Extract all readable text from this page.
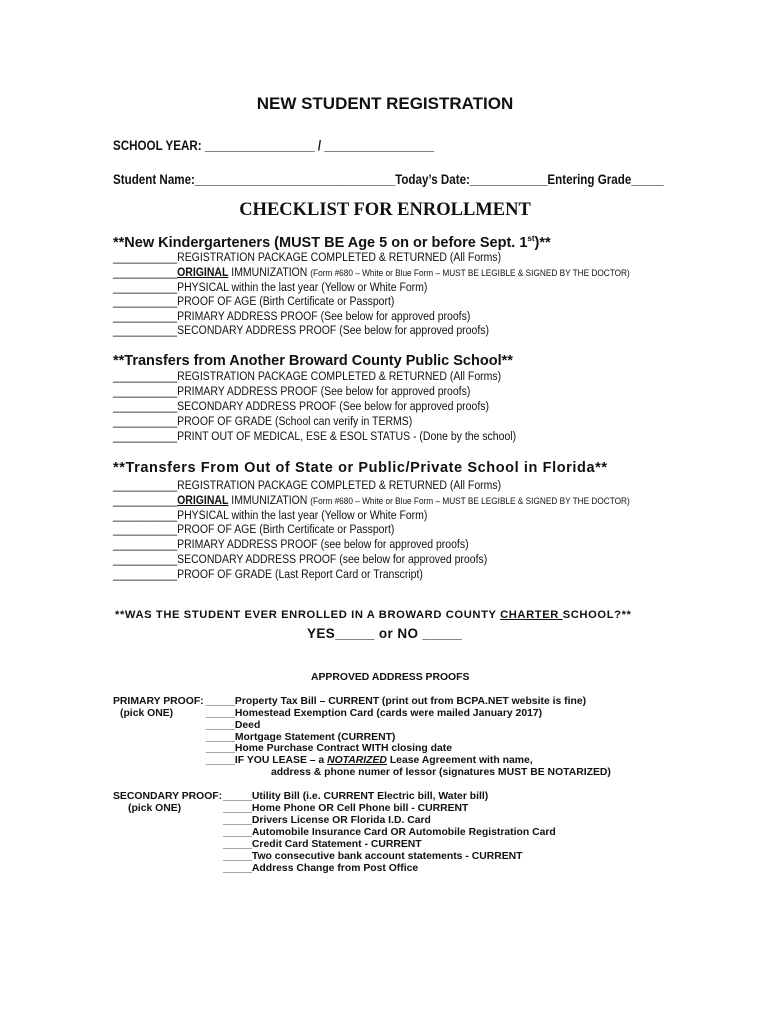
NEW STUDENT REGISTRATION
SCHOOL YEAR: _________________ / _________________
Student Name:_______________________________Today’s Date:____________Entering Grade_____
CHECKLIST FOR ENROLLMENT
**New Kindergarteners (MUST BE Age 5 on or before Sept. 1st)**
___________REGISTRATION PACKAGE COMPLETED & RETURNED (All Forms)
___________ORIGINAL IMMUNIZATION (Form #680 – White or Blue Form – MUST BE LEGIBLE & SIGNED BY THE DOCTOR)
___________PHYSICAL within the last year (Yellow or White Form)
___________PROOF OF AGE (Birth Certificate or Passport)
___________PRIMARY ADDRESS PROOF (See below for approved proofs)
___________SECONDARY ADDRESS PROOF (See below for approved proofs)
**Transfers from Another Broward County Public School**
___________REGISTRATION PACKAGE COMPLETED & RETURNED (All Forms)
___________PRIMARY ADDRESS PROOF (See below for approved proofs)
___________SECONDARY ADDRESS PROOF (See below for approved proofs)
___________PROOF OF GRADE (School can verify in TERMS)
___________PRINT OUT OF MEDICAL, ESE & ESOL STATUS - (Done by the school)
**Transfers From Out of State or Public/Private School in Florida**
___________REGISTRATION PACKAGE COMPLETED & RETURNED (All Forms)
___________ORIGINAL IMMUNIZATION (Form #680 – White or Blue Form – MUST BE LEGIBLE & SIGNED BY THE DOCTOR)
___________PHYSICAL within the last year (Yellow or White Form)
___________PROOF OF AGE (Birth Certificate or Passport)
___________PRIMARY ADDRESS PROOF (see below for approved proofs)
___________SECONDARY ADDRESS PROOF (see below for approved proofs)
___________PROOF OF GRADE (Last Report Card or Transcript)
**WAS THE STUDENT EVER ENROLLED IN A BROWARD COUNTY CHARTER SCHOOL?**
YES_____ or NO _____
APPROVED ADDRESS PROOFS
PRIMARY PROOF:
(pick ONE)
_____Property Tax Bill – CURRENT (print out from BCPA.NET website is fine)
_____Homestead Exemption Card (cards were mailed January 2017)
_____Deed
_____Mortgage Statement (CURRENT)
_____Home Purchase Contract WITH closing date
_____IF YOU LEASE – a NOTARIZED Lease Agreement with name,
address & phone numer of lessor (signatures MUST BE NOTARIZED)
SECONDARY PROOF:
(pick ONE)
_____Utility Bill (i.e. CURRENT Electric bill, Water bill)
_____Home Phone OR Cell Phone bill - CURRENT
_____Drivers License OR Florida I.D. Card
_____Automobile Insurance Card OR Automobile Registration Card
_____Credit Card Statement - CURRENT
_____Two consecutive bank account statements - CURRENT
_____Address Change from Post Office
